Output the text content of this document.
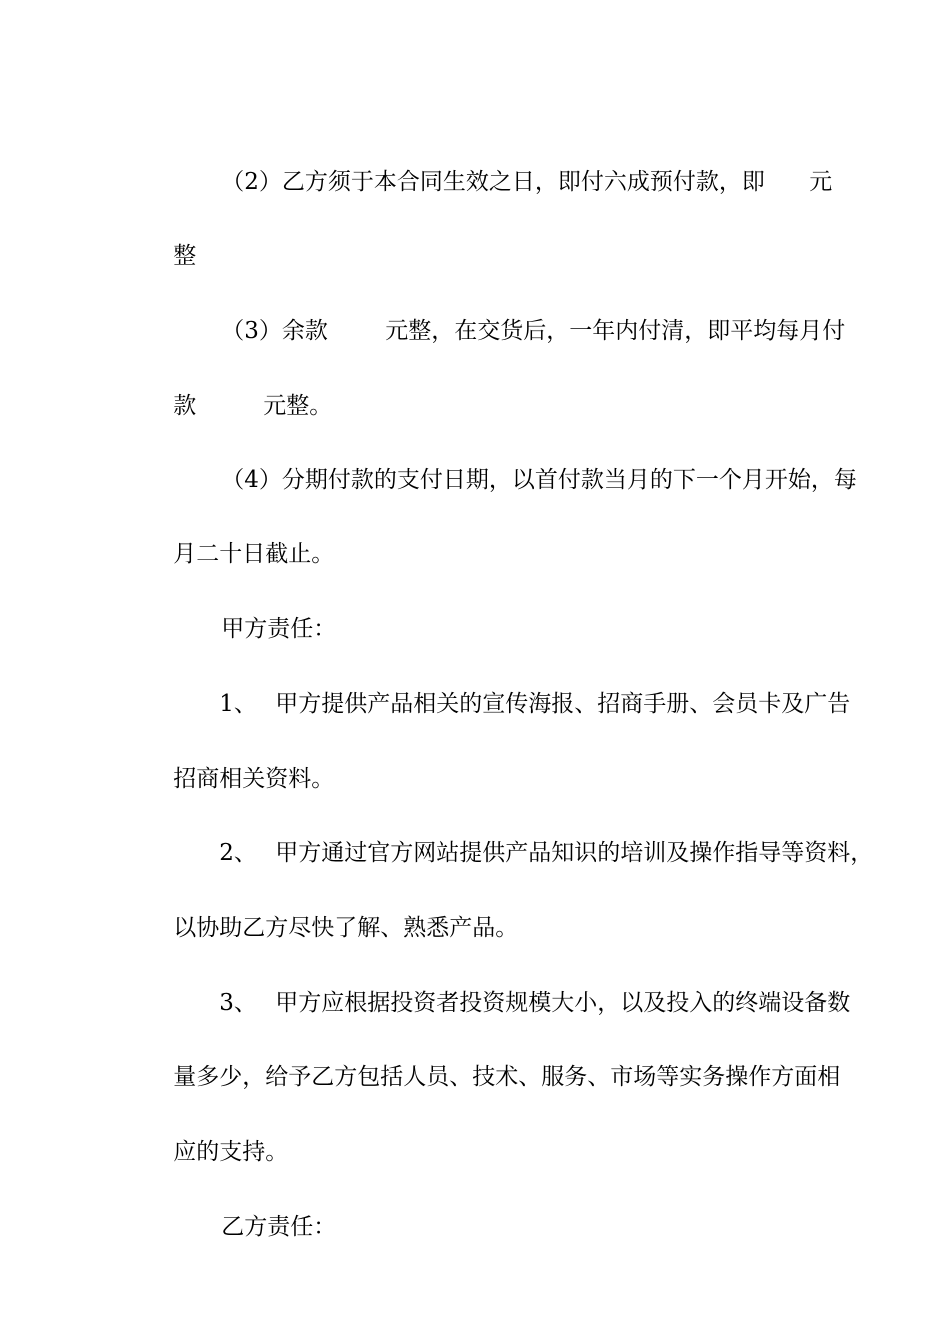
（2）乙方须于本合同生效之日，即付六成预付款，即
	元

整

（3）余款
	元整，在交货后，一年内付清，即平均每月付

款
	元整。

（4）分期付款的支付日期，以首付款当月的下一个月开始，每

月二十日截止。

甲方责任：

1、
甲方提供产品相关的宣传海报、招商手册、会员卡及广告

招商相关资料。

2、
甲方通过官方网站提供产品知识的培训及操作指导等资料，

以协助乙方尽快了解、熟悉产品。

3、
甲方应根据投资者投资规模大小，以及投入的终端设备数

量多少，给予乙方包括人员、技术、服务、市场等实务操作方面相

应的支持。

乙方责任：
